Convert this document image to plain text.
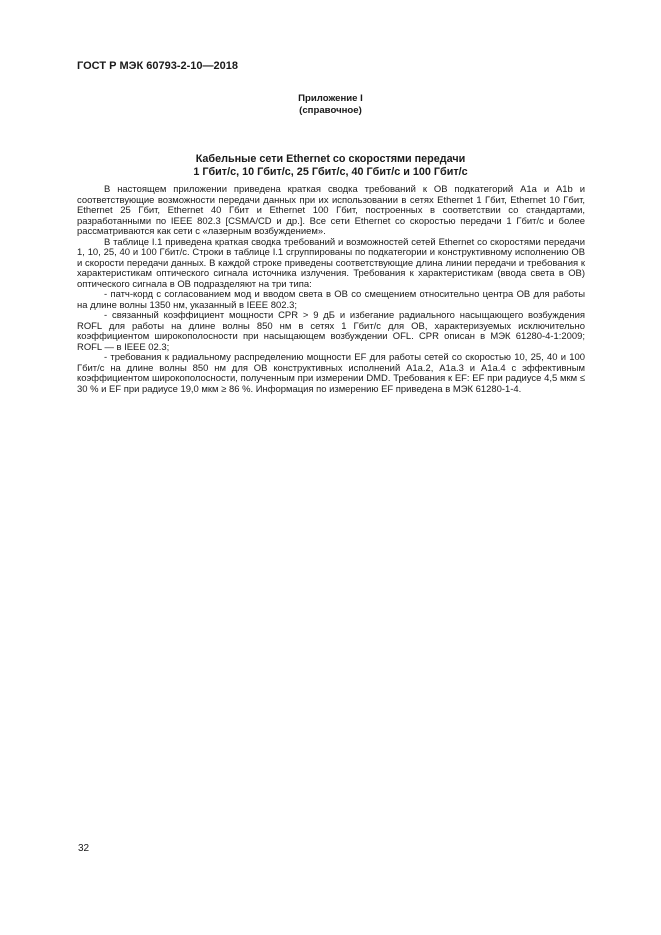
ГОСТ Р МЭК 60793-2-10—2018
Приложение I
(справочное)
Кабельные сети Ethernet со скоростями передачи
1 Гбит/с, 10 Гбит/с, 25 Гбит/с, 40 Гбит/с и 100 Гбит/с

В настоящем приложении приведена краткая сводка требований к ОВ подкатегорий А1а и А1b и соответствующие возможности передачи данных при их использовании в сетях Ethernet 1 Гбит, Ethernet 10 Гбит, Ethernet 25 Гбит, Ethernet 40 Гбит и Ethernet 100 Гбит, построенных в соответствии со стандартами, разработанными по IEEE 802.3 [CSMA/CD и др.]. Все сети Ethernet со скоростью передачи 1 Гбит/с и более рассматриваются как сети с «лазерным возбуждением».

В таблице I.1 приведена краткая сводка требований и возможностей сетей Ethernet со скоростями передачи 1, 10, 25, 40 и 100 Гбит/с. Строки в таблице I.1 сгруппированы по подкатегории и конструктивному исполнению ОВ и скорости передачи данных. В каждой строке приведены соответствующие длина линии передачи и требования к характеристикам оптического сигнала источника излучения. Требования к характеристикам (ввода света в ОВ) оптического сигнала в ОВ подразделяют на три типа:

- патч-корд с согласованием мод и вводом света в ОВ со смещением относительно центра ОВ для работы на длине волны 1350 нм, указанный в IEEE 802.3;

- связанный коэффициент мощности CPR > 9 дБ и избегание радиального насыщающего возбуждения ROFL для работы на длине волны 850 нм в сетях 1 Гбит/с для ОВ, характеризуемых исключительно коэффициентом широкополосности при насыщающем возбуждении OFL. CPR описан в МЭК 61280-4-1:2009; ROFL — в IEEE 02.3;

- требования к радиальному распределению мощности EF для работы сетей со скоростью 10, 25, 40 и 100 Гбит/с на длине волны 850 нм для ОВ конструктивных исполнений А1а.2, А1а.3 и А1а.4 с эффективным коэффициентом широкополосности, полученным при измерении DMD. Требования к EF: EF при радиусе 4,5 мкм ≤ 30 % и EF при радиусе 19,0 мкм ≥ 86 %. Информация по измерению EF приведена в МЭК 61280-1-4.

32
